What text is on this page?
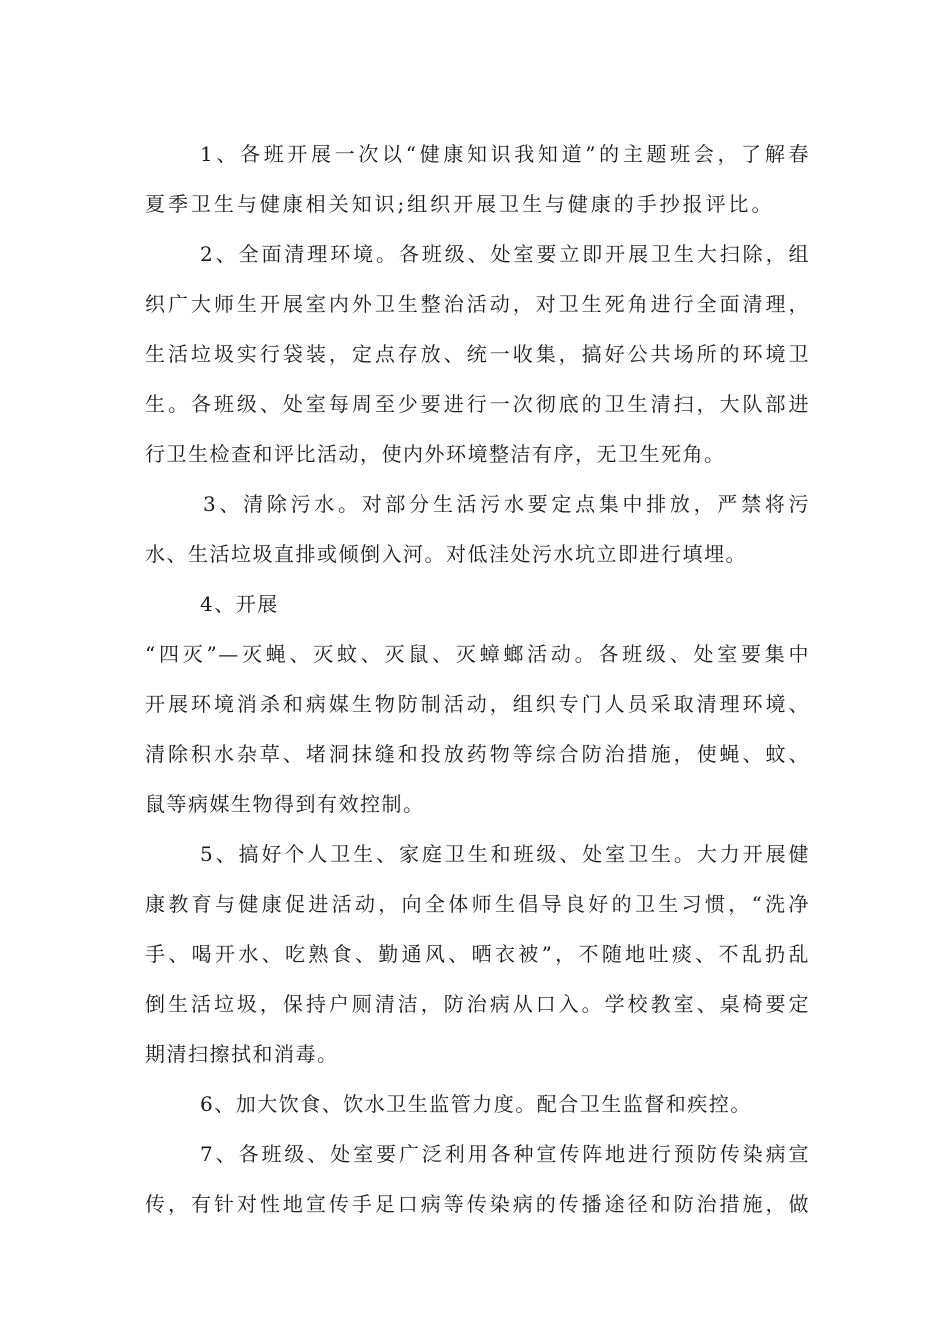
1、各班开展一次以“健康知识我知道”的主题班会，了解春
夏季卫生与健康相关知识;组织开展卫生与健康的手抄报评比。
2、全面清理环境。各班级、处室要立即开展卫生大扫除，组
织广大师生开展室内外卫生整治活动，对卫生死角进行全面清理，
生活垃圾实行袋装，定点存放、统一收集，搞好公共场所的环境卫
生。各班级、处室每周至少要进行一次彻底的卫生清扫，大队部进
行卫生检查和评比活动，使内外环境整洁有序，无卫生死角。
3、清除污水。对部分生活污水要定点集中排放，严禁将污
水、生活垃圾直排或倾倒入河。对低洼处污水坑立即进行填埋。
4、开展
“四灭”—灭蝇、灭蚊、灭鼠、灭蟑螂活动。各班级、处室要集中
开展环境消杀和病媒生物防制活动，组织专门人员采取清理环境、
清除积水杂草、堵洞抹缝和投放药物等综合防治措施，使蝇、蚊、
鼠等病媒生物得到有效控制。
5、搞好个人卫生、家庭卫生和班级、处室卫生。大力开展健
康教育与健康促进活动，向全体师生倡导良好的卫生习惯，“洗净
手、喝开水、吃熟食、勤通风、晒衣被”，不随地吐痰、不乱扔乱
倒生活垃圾，保持户厕清洁，防治病从口入。学校教室、桌椅要定
期清扫擦拭和消毒。
6、加大饮食、饮水卫生监管力度。配合卫生监督和疾控。
7、各班级、处室要广泛利用各种宣传阵地进行预防传染病宣
传，有针对性地宣传手足口病等传染病的传播途径和防治措施，做
